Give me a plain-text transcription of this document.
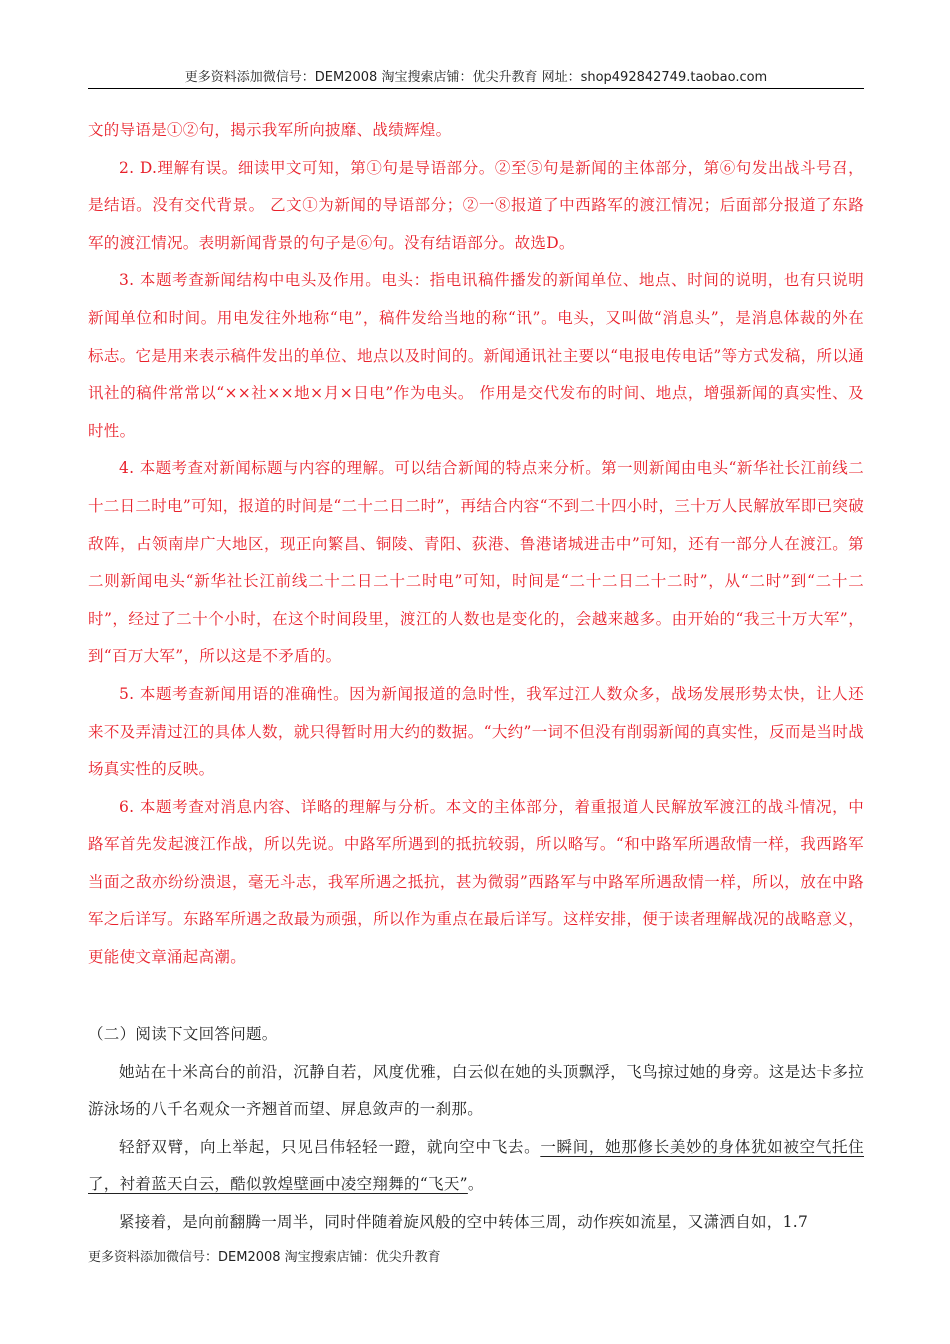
更多资料添加微信号：DEM2008 淘宝搜索店铺：优尖升教育 网址：shop492842749.taobao.com

文的导语是①②句，揭示我军所向披靡、战绩辉煌。

2. D.理解有误。细读甲文可知，第①句是导语部分。②至⑤句是新闻的主体部分，第⑥句发出战斗号召，是结语。没有交代背景。 乙文①为新闻的导语部分；②一⑧报道了中西路军的渡江情况；后面部分报道了东路军的渡江情况。表明新闻背景的句子是⑥句。没有结语部分。故选D。

3. 本题考查新闻结构中电头及作用。电头：指电讯稿件播发的新闻单位、地点、时间的说明，也有只说明新闻单位和时间。用电发往外地称“电”，稿件发给当地的称“讯”。电头，又叫做“消息头”，是消息体裁的外在标志。它是用来表示稿件发出的单位、地点以及时间的。新闻通讯社主要以“电报电传电话”等方式发稿，所以通讯社的稿件常常以“××社××地×月×日电”作为电头。 作用是交代发布的时间、地点，增强新闻的真实性、及时性。

4. 本题考查对新闻标题与内容的理解。可以结合新闻的特点来分析。第一则新闻由电头“新华社长江前线二十二日二时电”可知，报道的时间是“二十二日二时”，再结合内容“不到二十四小时，三十万人民解放军即已突破敌阵，占领南岸广大地区，现正向繁昌、铜陵、青阳、荻港、鲁港诸城进击中”可知，还有一部分人在渡江。第二则新闻电头“新华社长江前线二十二日二十二时电”可知，时间是“二十二日二十二时”，从“二时”到“二十二时”，经过了二十个小时，在这个时间段里，渡江的人数也是变化的，会越来越多。由开始的“我三十万大军”，到“百万大军”，所以这是不矛盾的。

5. 本题考查新闻用语的准确性。因为新闻报道的急时性，我军过江人数众多，战场发展形势太快，让人还来不及弄清过江的具体人数，就只得暂时用大约的数据。“大约”一词不但没有削弱新闻的真实性，反而是当时战场真实性的反映。

6. 本题考查对消息内容、详略的理解与分析。本文的主体部分，着重报道人民解放军渡江的战斗情况，中路军首先发起渡江作战，所以先说。中路军所遇到的抵抗较弱，所以略写。“和中路军所遇敌情一样，我西路军当面之敌亦纷纷溃退，毫无斗志，我军所遇之抵抗，甚为微弱”西路军与中路军所遇敌情一样，所以，放在中路军之后详写。东路军所遇之敌最为顽强，所以作为重点在最后详写。这样安排，便于读者理解战况的战略意义，更能使文章涌起高潮。

（二）阅读下文回答问题。

她站在十米高台的前沿，沉静自若，风度优雅，白云似在她的头顶飘浮，飞鸟掠过她的身旁。这是达卡多拉游泳场的八千名观众一齐翘首而望、屏息敛声的一刹那。

轻舒双臂，向上举起，只见吕伟轻轻一蹬，就向空中飞去。一瞬间，她那修长美妙的身体犹如被空气托住了，衬着蓝天白云，酷似敦煌壁画中凌空翔舞的“飞天”。

紧接着，是向前翻腾一周半，同时伴随着旋风般的空中转体三周，动作疾如流星，又潇洒自如，1.7

更多资料添加微信号：DEM2008 淘宝搜索店铺：优尖升教育
